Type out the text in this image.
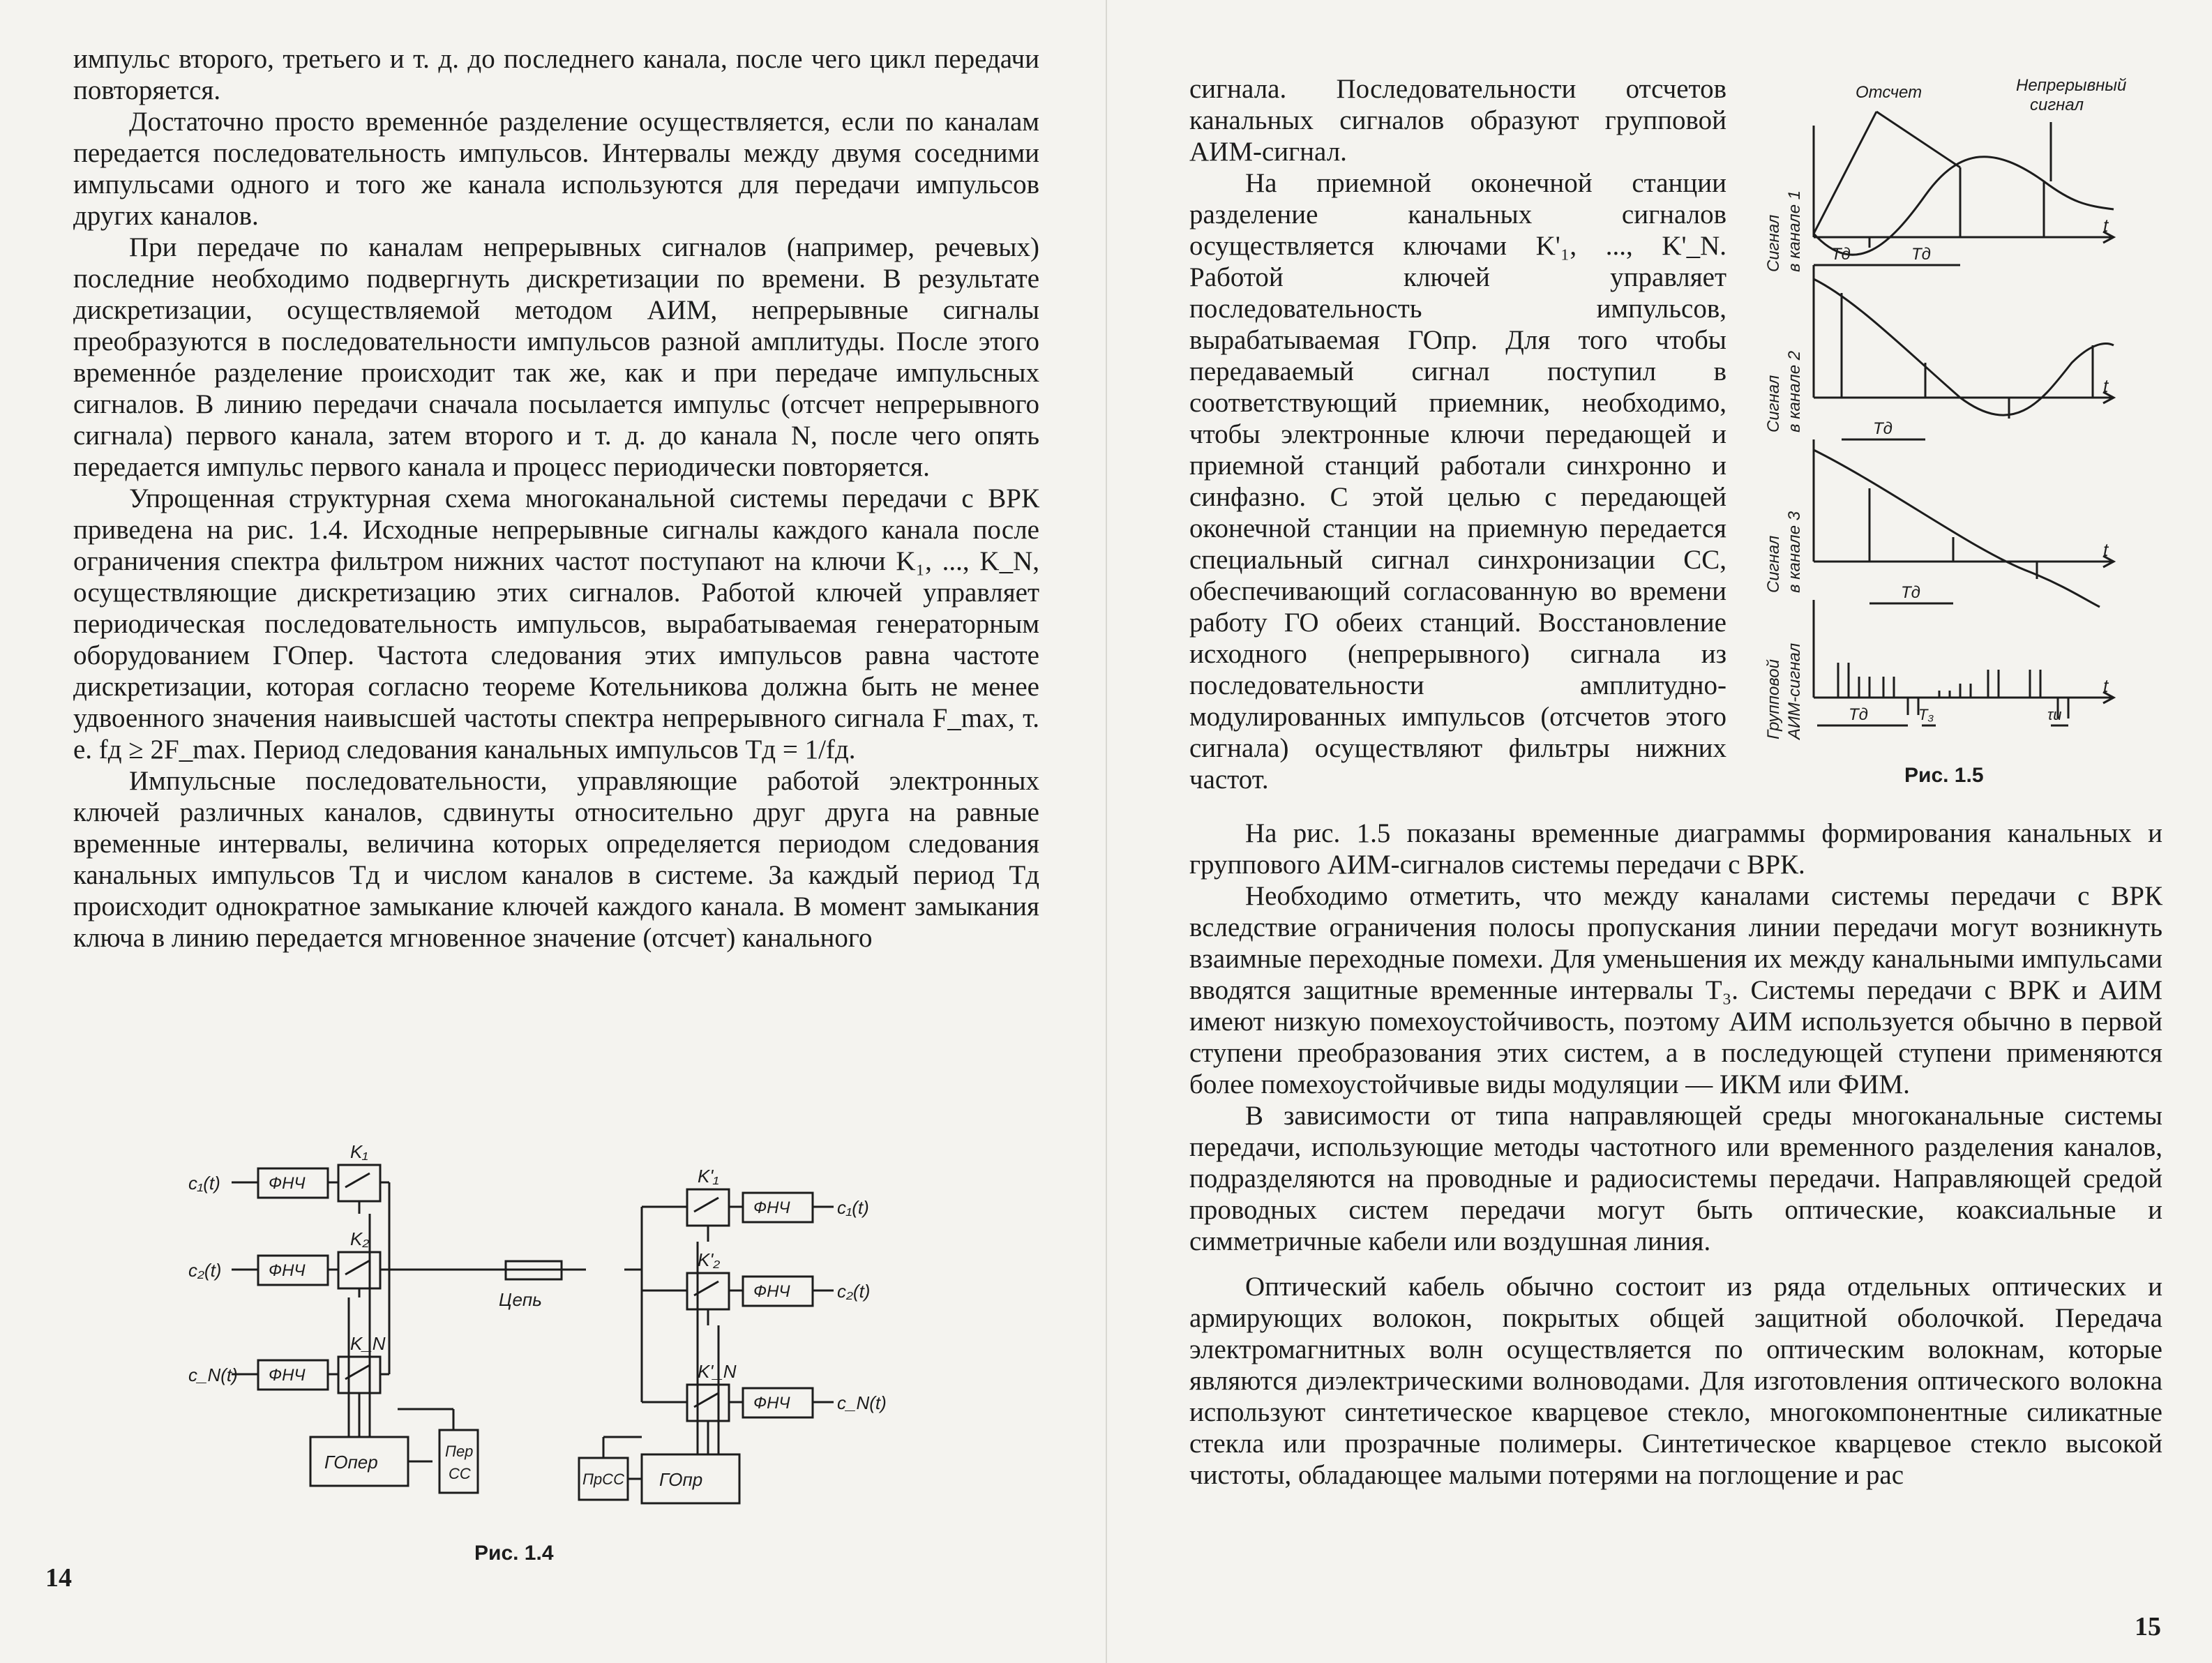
импульс второго, третьего и т. д. до последнего канала, после чего цикл передачи повторяется.

Достаточно просто временнóе разделение осуществляется, если по каналам передается последовательность импульсов. Интервалы между двумя соседними импульсами одного и того же канала используются для передачи импульсов других каналов.

При передаче по каналам непрерывных сигналов (например, речевых) последние необходимо подвергнуть дискретизации по времени. В результате дискретизации, осуществляемой методом АИМ, непрерывные сигналы преобразуются в последовательности импульсов разной амплитуды. После этого временнóе разделение происходит так же, как и при передаче импульсных сигналов. В линию передачи сначала посылается импульс (отсчет непрерывного сигнала) первого канала, затем второго и т. д. до канала N, после чего опять передается импульс первого канала и процесс периодически повторяется.

Упрощенная структурная схема многоканальной системы передачи с ВРК приведена на рис. 1.4. Исходные непрерывные сигналы каждого канала после ограничения спектра фильтром нижних частот поступают на ключи K₁, ..., K_N, осуществляющие дискретизацию этих сигналов. Работой ключей управляет периодическая последовательность импульсов, вырабатываемая генераторным оборудованием ГОпер. Частота следования этих импульсов равна частоте дискретизации, которая согласно теореме Котельникова должна быть не менее удвоенного значения наивысшей частоты спектра непрерывного сигнала F_max, т. е. fд ≥ 2F_max. Период следования канальных импульсов Tд = 1/fд.

Импульсные последовательности, управляющие работой электронных ключей различных каналов, сдвинуты относительно друг друга на равные временные интервалы, величина которых определяется периодом следования канальных импульсов Tд и числом каналов в системе. За каждый период Tд происходит однократное замыкание ключей каждого канала. В момент замыкания ключа в линию передается мгновенное значение (отсчет) канального

c₁(t)
c₂(t)
c_N(t)
ФНЧ
ФНЧ
ФНЧ
ФНЧ
ФНЧ
ФНЧ
K₁
K₂
K_N
K'₁
K'₂
K'_N
Цепь
c₁(t)
c₂(t)
c_N(t)
ГОпер
Пер
СС	ГОпр
ПрСС
Рис. 1.4
14

сигнала. Последовательности отсчетов канальных сигналов образуют групповой АИМ-сигнал.

На приемной оконечной станции разделение канальных сигналов осуществляется ключами K'₁, ..., K'_N. Работой ключей управляет последовательность импульсов, вырабатываемая ГОпр. Для того чтобы передаваемый сигнал поступил в соответствующий приемник, необходимо, чтобы электронные ключи передающей и приемной станций работали синхронно и синфазно. С этой целью с передающей оконечной станции на приемную передается специальный сигнал синхронизации СС, обеспечивающий согласованную во времени работу ГО обеих станций. Восстановление исходного (непрерывного) сигнала из последовательности амплитудно-модулированных импульсов (отсчетов этого сигнала) осуществляют фильтры нижних частот.

Сигнал в канале 1
Сигнал в канале 2
Сигнал в канале 3
Групповой АИМ-сигнал
Отсчет	Непрерывный
сигнал
t
t
t
t
Tд	Tд
Tд
Tд
Tд	T₃	τи
Рис. 1.5

На рис. 1.5 показаны временные диаграммы формирования канальных и группового АИМ-сигналов системы передачи с ВРК.

Необходимо отметить, что между каналами системы передачи с ВРК вследствие ограничения полосы пропускания линии передачи могут возникнуть взаимные переходные помехи. Для уменьшения их между канальными импульсами вводятся защитные временные интервалы T₃. Системы передачи с ВРК и АИМ имеют низкую помехоустойчивость, поэтому АИМ используется обычно в первой ступени преобразования этих систем, а в последующей ступени применяются более помехоустойчивые виды модуляции — ИКМ или ФИМ.

В зависимости от типа направляющей среды многоканальные системы передачи, использующие методы частотного или временного разделения каналов, подразделяются на проводные и радиосистемы передачи. Направляющей средой проводных систем передачи могут быть оптические, коаксиальные и симметричные кабели или воздушная линия.

Оптический кабель обычно состоит из ряда отдельных оптических и армирующих волокон, покрытых общей защитной оболочкой. Передача электромагнитных волн осуществляется по оптическим волокнам, которые являются диэлектрическими волноводами. Для изготовления оптического волокна используют синтетическое кварцевое стекло, многокомпонентные силикатные стекла или прозрачные полимеры. Синтетическое кварцевое стекло высокой чистоты, обладающее малыми потерями на поглощение и рас

15
